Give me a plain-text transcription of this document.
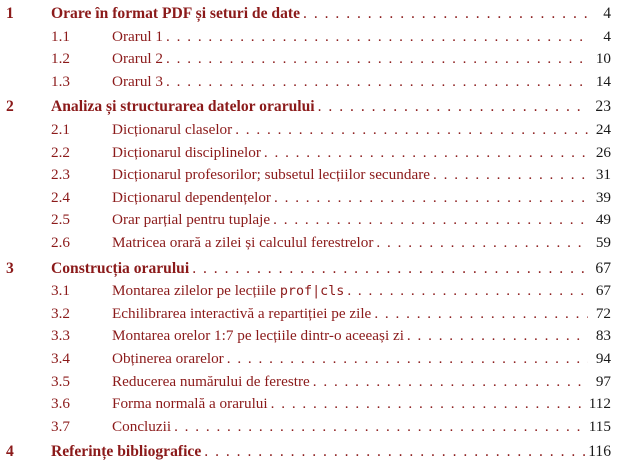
1 Orare în format PDF și seturi de date . . .	4
1.1	Orarul 1 . . .	4
1.2	Orarul 2 . . .	10
1.3	Orarul 3 . . .	14
2 Analiza și structurarea datelor orarului . . .	23
2.1	Dicționarul claselor . . .	24
2.2	Dicționarul disciplinelor . . .	26
2.3	Dicționarul profesorilor; subsetul lecțiilor secundare . . .	31
2.4	Dicționarul dependențelor . . .	39
2.5	Orar parțial pentru tuplaje . . .	49
2.6	Matricea orară a zilei și calculul ferestrelor . . .	59
3 Construcția orarului . . .	67
3.1	Montarea zilelor pe lecțiile prof|cls . . .	67
3.2	Echilibrarea interactivă a repartiției pe zile . . .	72
3.3	Montarea orelor 1:7 pe lecțiile dintr-o aceeași zi . . .	83
3.4	Obținerea orarelor . . .	94
3.5	Reducerea numărului de ferestre . . .	97
3.6	Forma normală a orarului . . .	112
3.7	Concluzii . . .	115
4 Referințe bibliografice . . .	116
